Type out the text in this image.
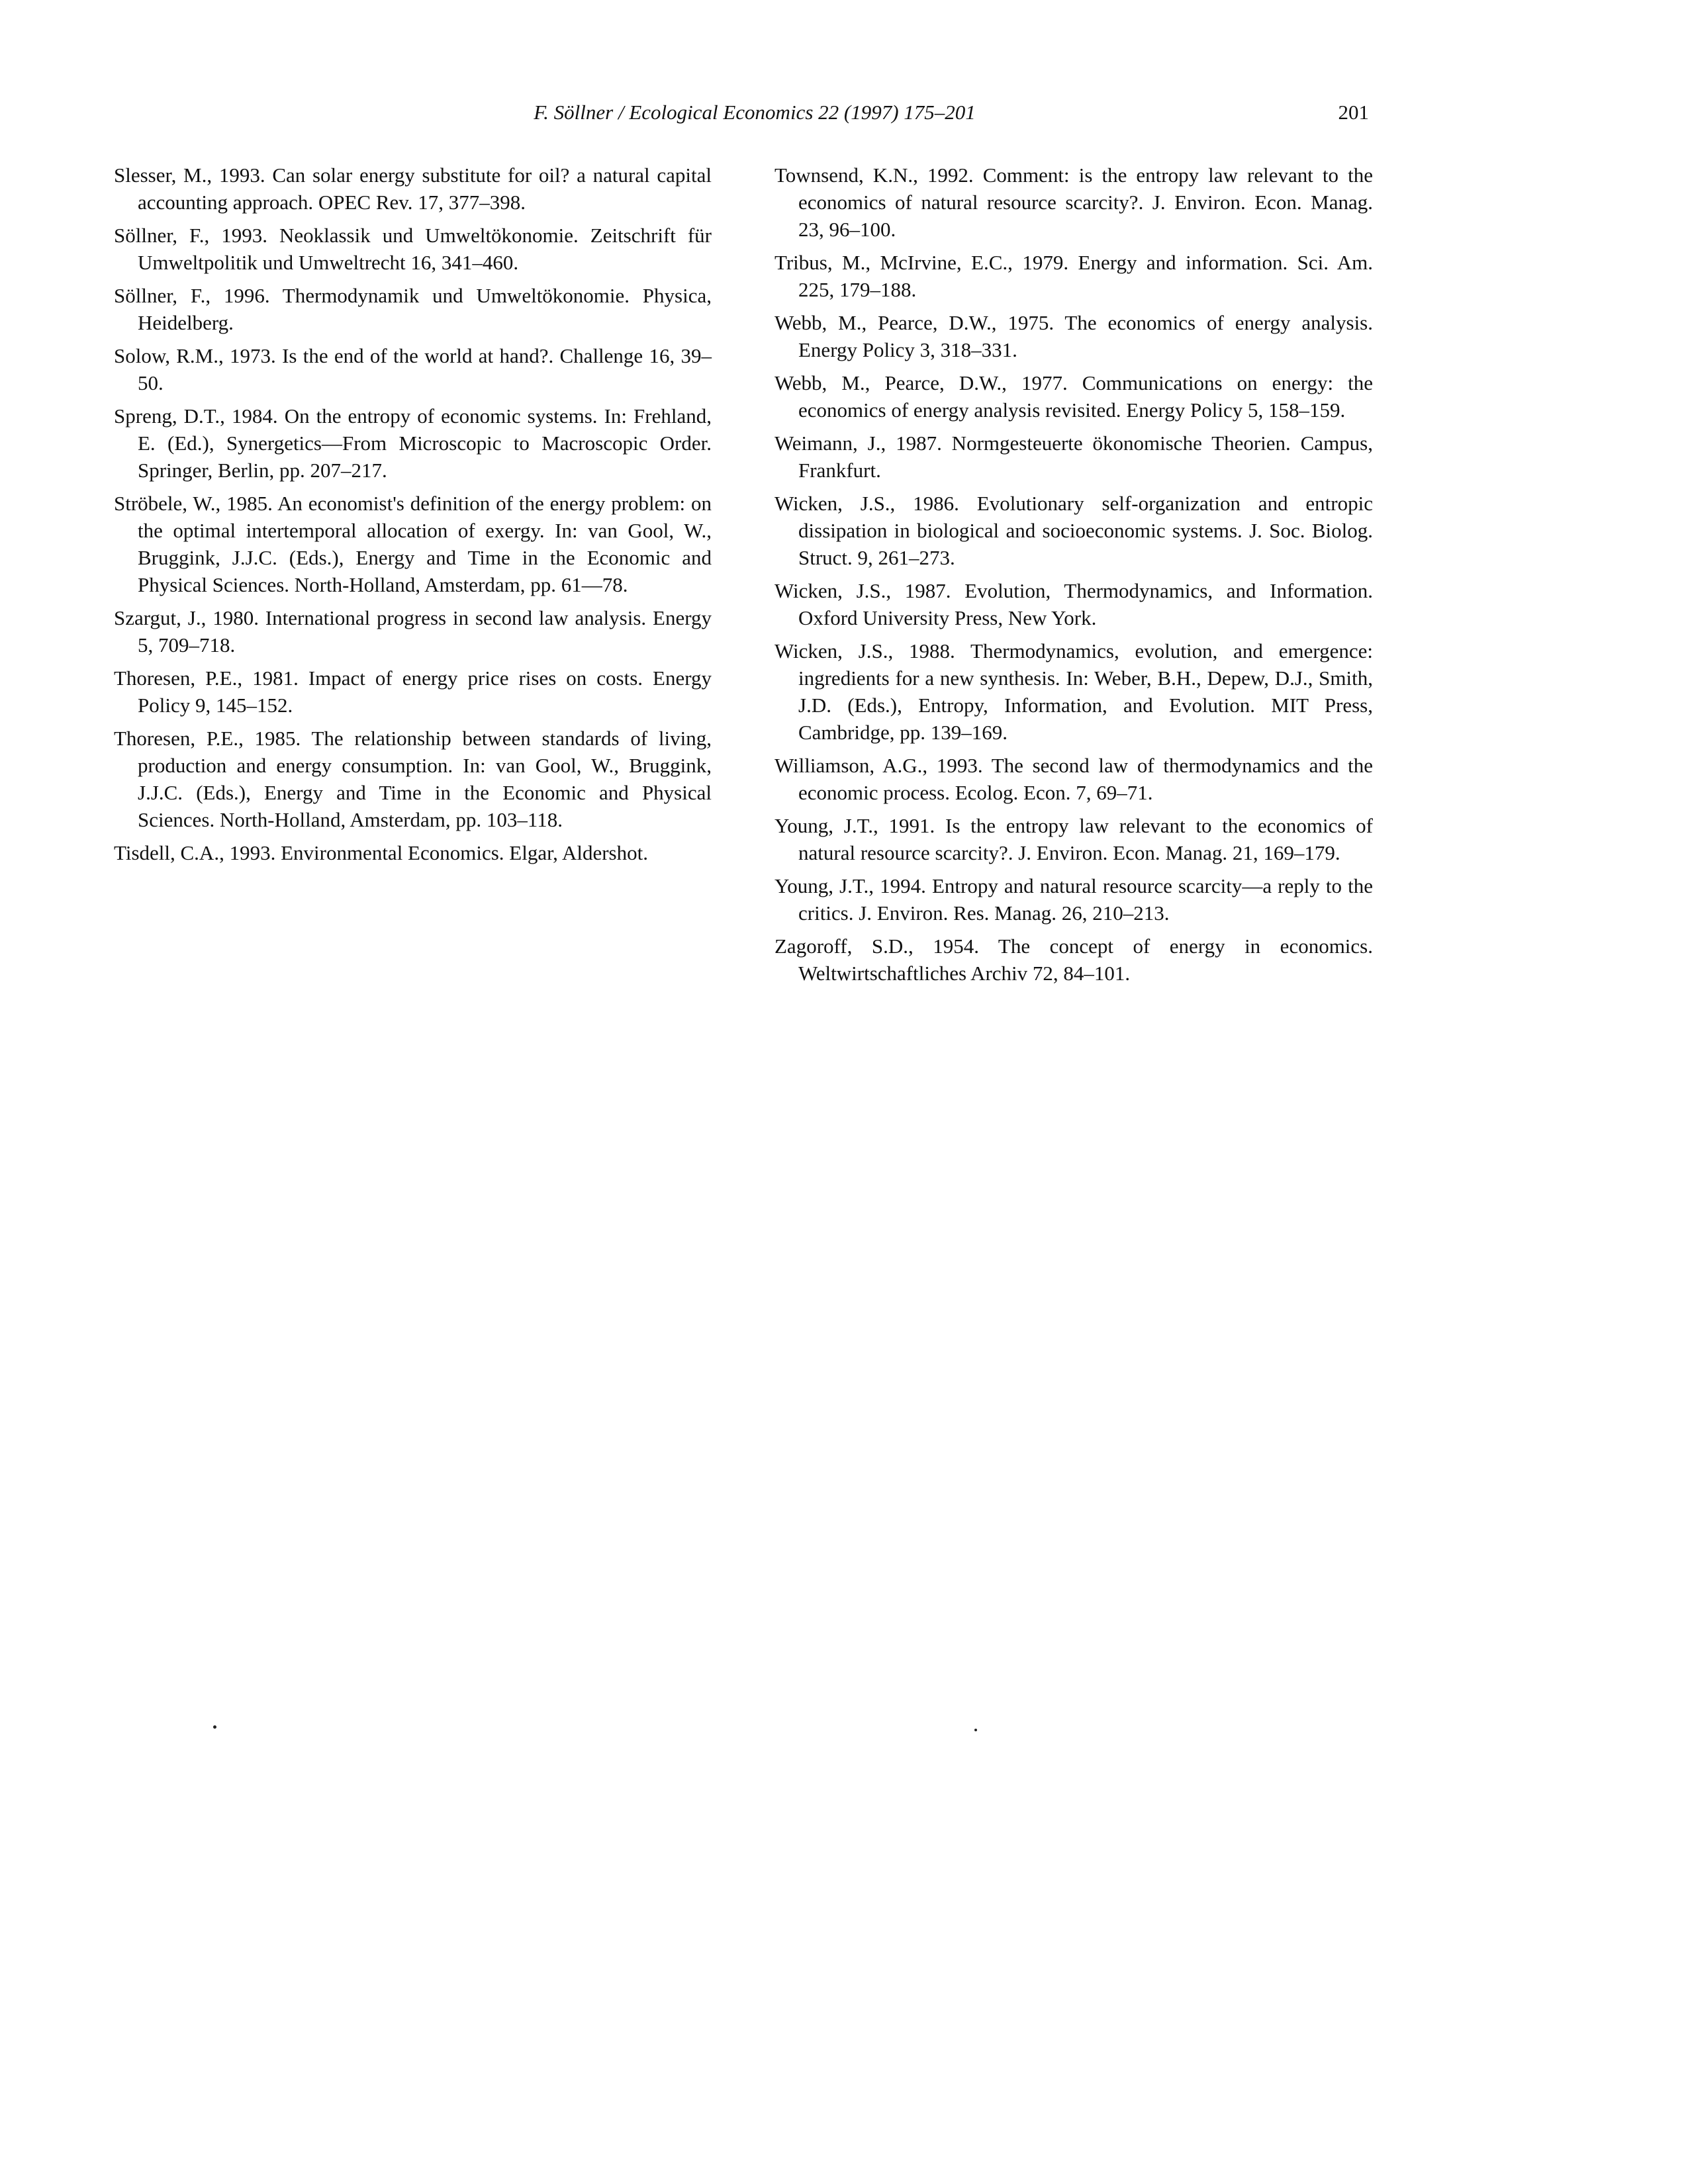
F. Söllner / Ecological Economics 22 (1997) 175–201	201
Slesser, M., 1993. Can solar energy substitute for oil? a natural capital accounting approach. OPEC Rev. 17, 377–398.
Söllner, F., 1993. Neoklassik und Umweltökonomie. Zeitschrift für Umweltpolitik und Umweltrecht 16, 341–460.
Söllner, F., 1996. Thermodynamik und Umweltökonomie. Physica, Heidelberg.
Solow, R.M., 1973. Is the end of the world at hand?. Challenge 16, 39–50.
Spreng, D.T., 1984. On the entropy of economic systems. In: Frehland, E. (Ed.), Synergetics—From Microscopic to Macroscopic Order. Springer, Berlin, pp. 207–217.
Ströbele, W., 1985. An economist's definition of the energy problem: on the optimal intertemporal allocation of exergy. In: van Gool, W., Bruggink, J.J.C. (Eds.), Energy and Time in the Economic and Physical Sciences. North-Holland, Amsterdam, pp. 61—78.
Szargut, J., 1980. International progress in second law analysis. Energy 5, 709–718.
Thoresen, P.E., 1981. Impact of energy price rises on costs. Energy Policy 9, 145–152.
Thoresen, P.E., 1985. The relationship between standards of living, production and energy consumption. In: van Gool, W., Bruggink, J.J.C. (Eds.), Energy and Time in the Economic and Physical Sciences. North-Holland, Amsterdam, pp. 103–118.
Tisdell, C.A., 1993. Environmental Economics. Elgar, Aldershot.
Townsend, K.N., 1992. Comment: is the entropy law relevant to the economics of natural resource scarcity?. J. Environ. Econ. Manag. 23, 96–100.
Tribus, M., McIrvine, E.C., 1979. Energy and information. Sci. Am. 225, 179–188.
Webb, M., Pearce, D.W., 1975. The economics of energy analysis. Energy Policy 3, 318–331.
Webb, M., Pearce, D.W., 1977. Communications on energy: the economics of energy analysis revisited. Energy Policy 5, 158–159.
Weimann, J., 1987. Normgesteuerte ökonomische Theorien. Campus, Frankfurt.
Wicken, J.S., 1986. Evolutionary self-organization and entropic dissipation in biological and socioeconomic systems. J. Soc. Biolog. Struct. 9, 261–273.
Wicken, J.S., 1987. Evolution, Thermodynamics, and Information. Oxford University Press, New York.
Wicken, J.S., 1988. Thermodynamics, evolution, and emergence: ingredients for a new synthesis. In: Weber, B.H., Depew, D.J., Smith, J.D. (Eds.), Entropy, Information, and Evolution. MIT Press, Cambridge, pp. 139–169.
Williamson, A.G., 1993. The second law of thermodynamics and the economic process. Ecolog. Econ. 7, 69–71.
Young, J.T., 1991. Is the entropy law relevant to the economics of natural resource scarcity?. J. Environ. Econ. Manag. 21, 169–179.
Young, J.T., 1994. Entropy and natural resource scarcity—a reply to the critics. J. Environ. Res. Manag. 26, 210–213.
Zagoroff, S.D., 1954. The concept of energy in economics. Weltwirtschaftliches Archiv 72, 84–101.
